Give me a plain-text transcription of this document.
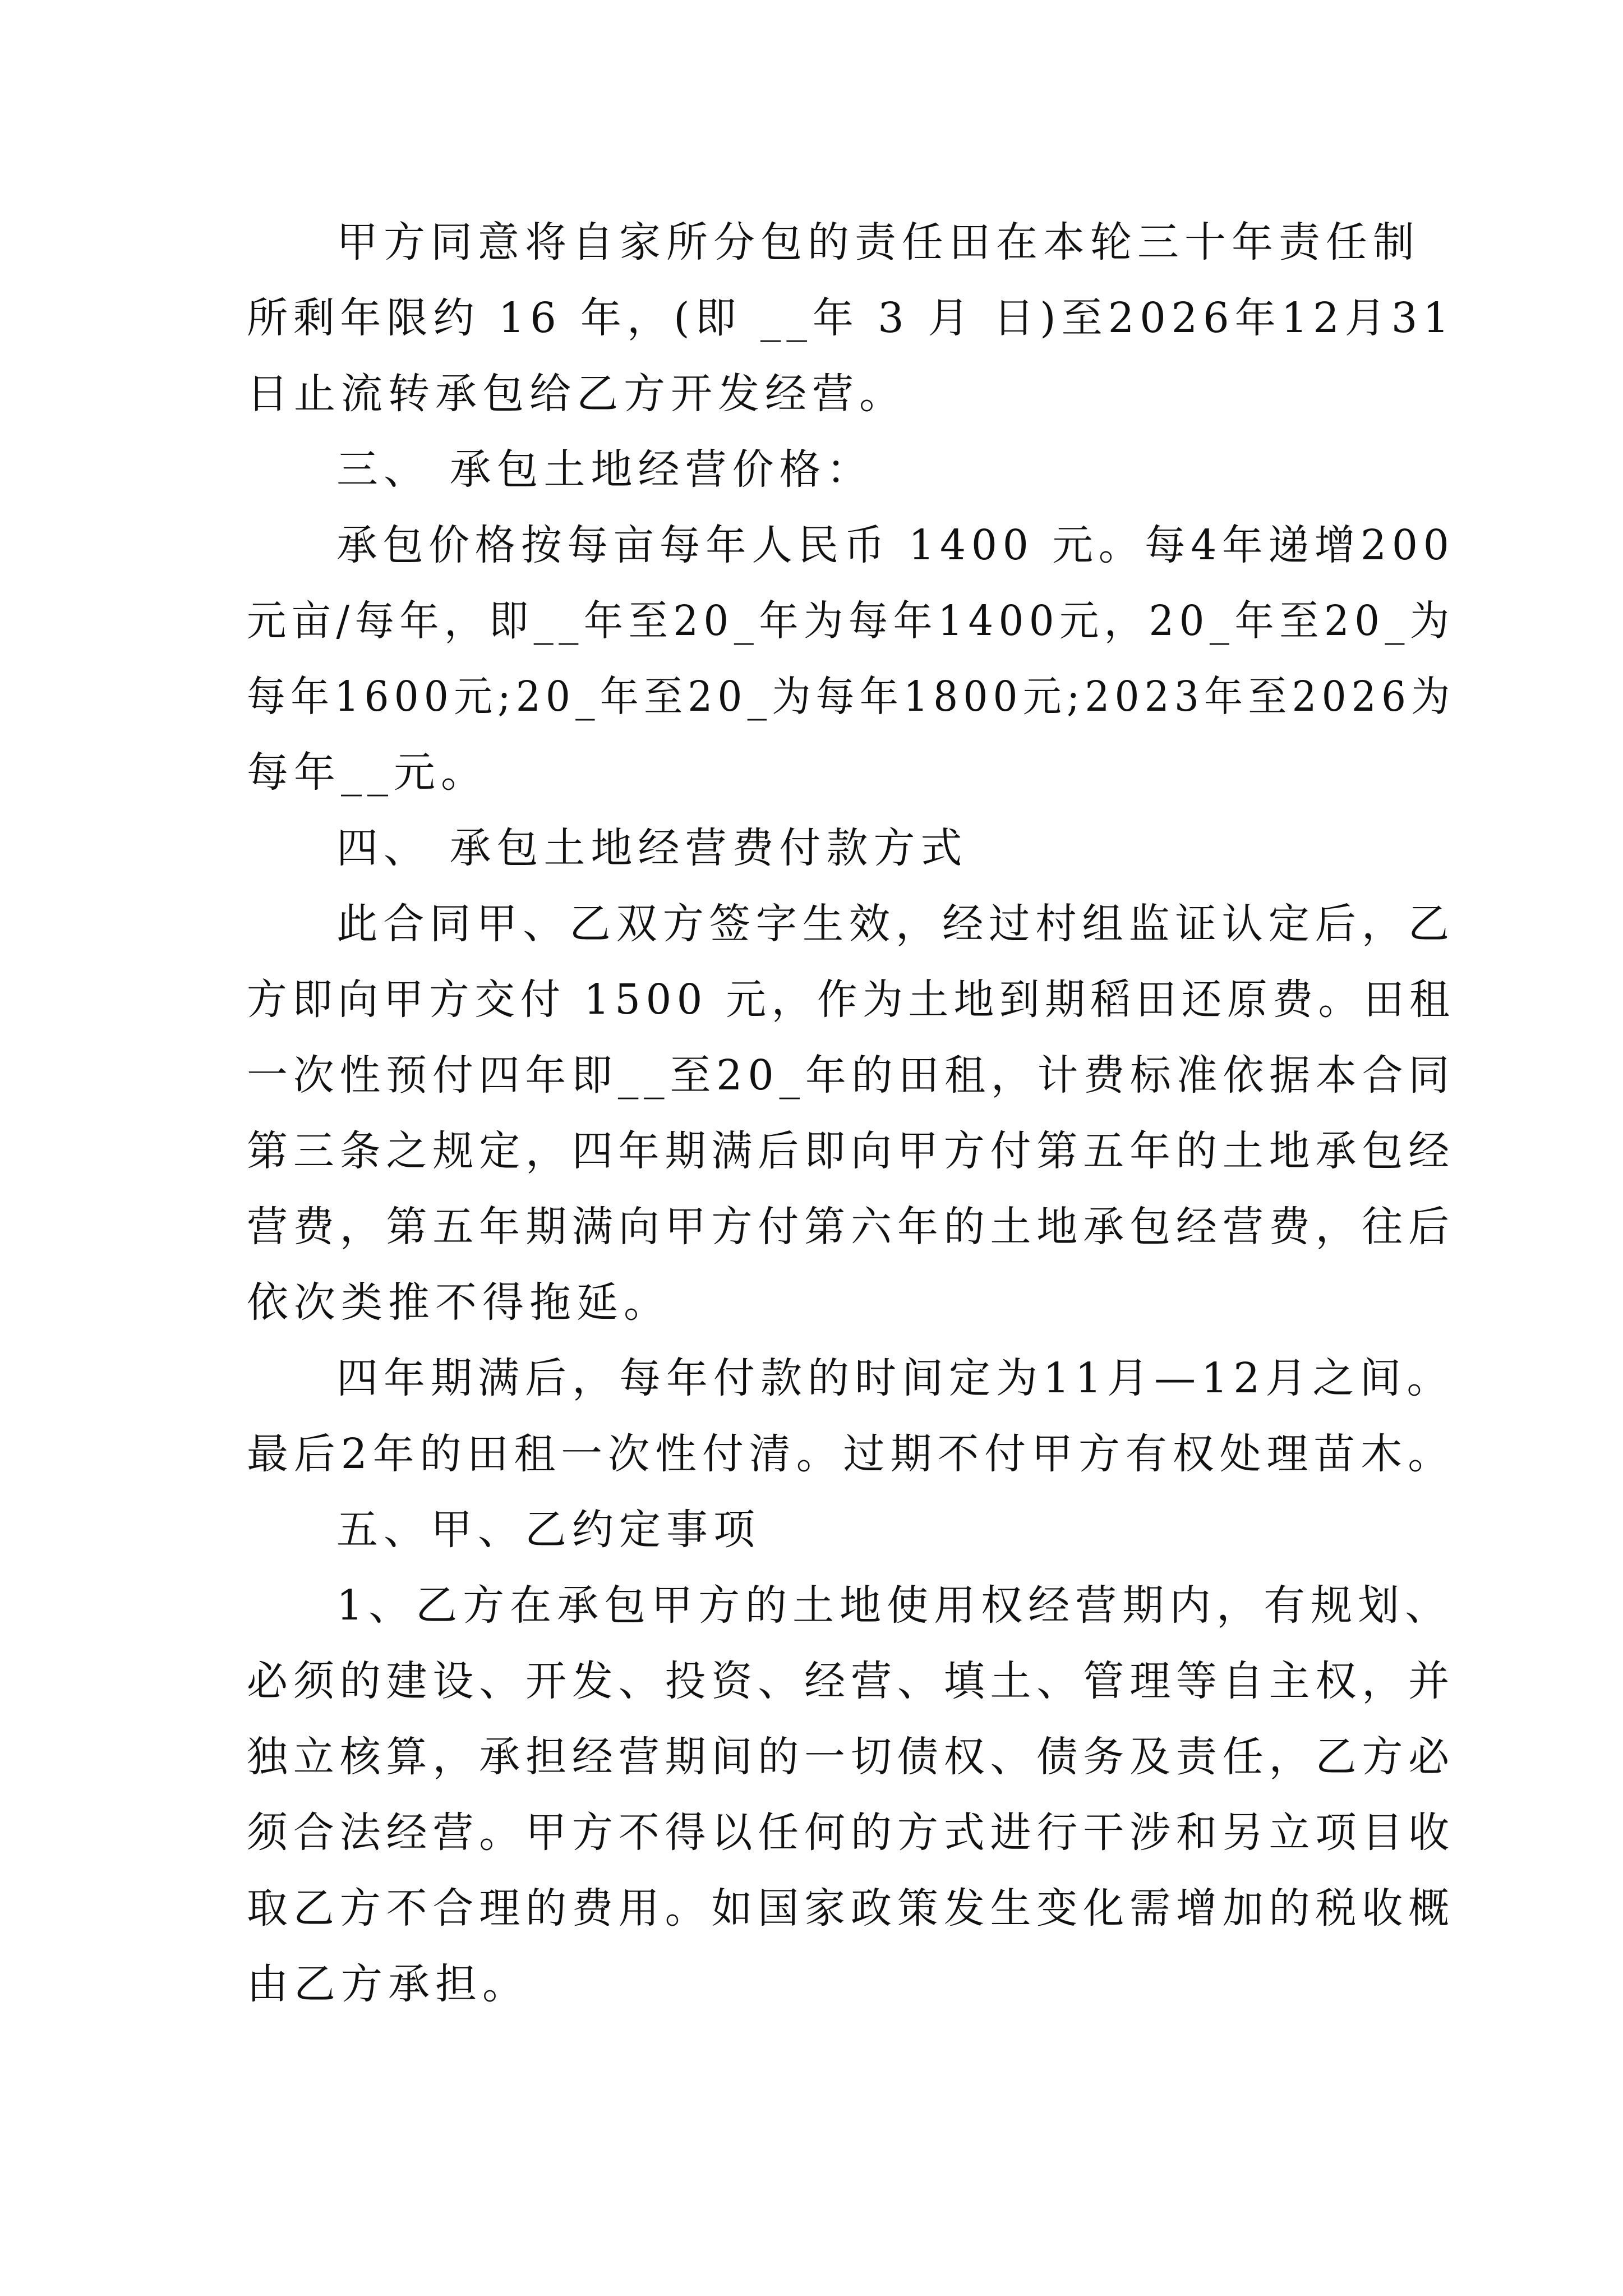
甲方同意将自家所分包的责任田在本轮三十年责任制
所剩年限约 16 年，(即 __年 3 月 日)至2026年12月31
日止流转承包给乙方开发经营。
三、 承包土地经营价格：
承包价格按每亩每年人民币 1400 元。每4年递增200
元亩/每年，即__年至20_年为每年1400元，20_年至20_为
每年1600元;20_年至20_为每年1800元;2023年至2026为
每年__元。
四、 承包土地经营费付款方式
此合同甲、乙双方签字生效，经过村组监证认定后，乙
方即向甲方交付 1500 元，作为土地到期稻田还原费。田租
一次性预付四年即__至20_年的田租，计费标准依据本合同
第三条之规定，四年期满后即向甲方付第五年的土地承包经
营费，第五年期满向甲方付第六年的土地承包经营费，往后
依次类推不得拖延。
四年期满后，每年付款的时间定为11月—12月之间。
最后2年的田租一次性付清。过期不付甲方有权处理苗木。
五、甲、乙约定事项
1、乙方在承包甲方的土地使用权经营期内，有规划、
必须的建设、开发、投资、经营、填土、管理等自主权，并
独立核算，承担经营期间的一切债权、债务及责任，乙方必
须合法经营。甲方不得以任何的方式进行干涉和另立项目收
取乙方不合理的费用。如国家政策发生变化需增加的税收概
由乙方承担。
